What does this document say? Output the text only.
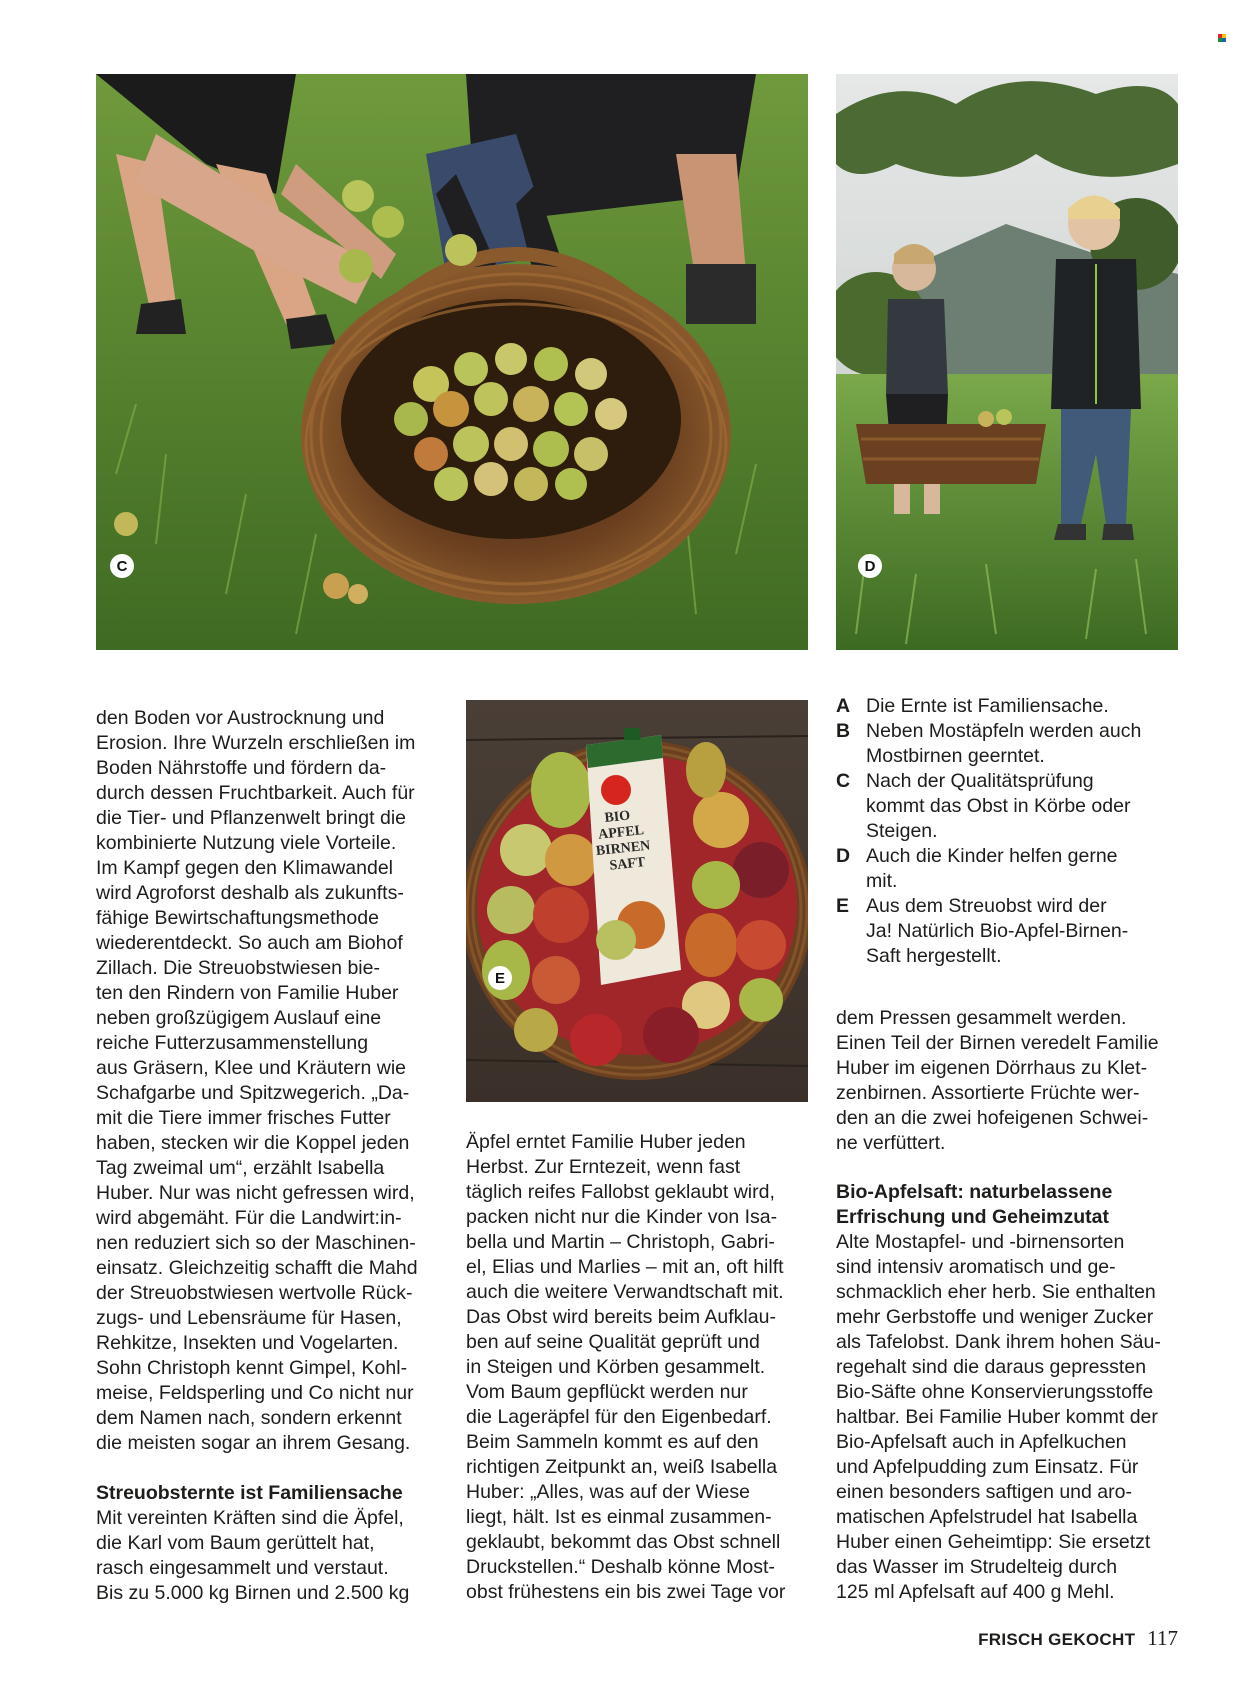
C	D
BIOAPFELBIRNENSAFT
E

den Boden vor Austrocknung und
Erosion. Ihre Wurzeln erschließen im
Boden Nährstoffe und fördern da-
durch dessen Fruchtbarkeit. Auch für
die Tier- und Pflanzenwelt bringt die
kombinierte Nutzung viele Vorteile.
Im Kampf gegen den Klimawandel
wird Agroforst deshalb als zukunfts-
fähige Bewirtschaftungsmethode
wiederentdeckt. So auch am Biohof
Zillach. Die Streuobstwiesen bie-
ten den Rindern von Familie Huber
neben großzügigem Auslauf eine
reiche Futterzusammenstellung
aus Gräsern, Klee und Kräutern wie
Schafgarbe und Spitzwegerich. „Da-
mit die Tiere immer frisches Futter
haben, stecken wir die Koppel jeden
Tag zweimal um“, erzählt Isabella
Huber. Nur was nicht gefressen wird,
wird abgemäht. Für die Landwirt:in-
nen reduziert sich so der Maschinen-
einsatz. Gleichzeitig schafft die Mahd
der Streuobstwiesen wertvolle Rück-
zugs- und Lebensräume für Hasen,
Rehkitze, Insekten und Vogelarten.
Sohn Christoph kennt Gimpel, Kohl-
meise, Feldsperling und Co nicht nur
dem Namen nach, sondern erkennt
die meisten sogar an ihrem Gesang.

Streuobsternte ist Familiensache

Mit vereinten Kräften sind die Äpfel,
die Karl vom Baum gerüttelt hat,
rasch eingesammelt und verstaut.
Bis zu 5.000 kg Birnen und 2.500 kg

Äpfel erntet Familie Huber jeden
Herbst. Zur Erntezeit, wenn fast
täglich reifes Fallobst geklaubt wird,
packen nicht nur die Kinder von Isa-
bella und Martin – Christoph, Gabri-
el, Elias und Marlies – mit an, oft hilft
auch die weitere Verwandtschaft mit.
Das Obst wird bereits beim Aufklau-
ben auf seine Qualität geprüft und
in Steigen und Körben gesammelt.
Vom Baum gepflückt werden nur
die Lageräpfel für den Eigenbedarf.
Beim Sammeln kommt es auf den
richtigen Zeitpunkt an, weiß Isabella
Huber: „Alles, was auf der Wiese
liegt, hält. Ist es einmal zusammen-
geklaubt, bekommt das Obst schnell
Druckstellen.“ Deshalb könne Most-
obst frühestens ein bis zwei Tage vor

A Die Ernte ist Familiensache.
B Neben Mostäpfeln werden auch
Mostbirnen geerntet.
C Nach der Qualitätsprüfung
kommt das Obst in Körbe oder
Steigen.
D Auch die Kinder helfen gerne
mit.
E Aus dem Streuobst wird der
Ja! Natürlich Bio-Apfel-Birnen-
Saft hergestellt.

dem Pressen gesammelt werden.
Einen Teil der Birnen veredelt Familie
Huber im eigenen Dörrhaus zu Klet-
zenbirnen. Assortierte Früchte wer-
den an die zwei hofeigenen Schwei-
ne verfüttert.

Bio-Apfelsaft: naturbelassene
Erfrischung und Geheimzutat

Alte Mostapfel- und -birnensorten
sind intensiv aromatisch und ge-
schmacklich eher herb. Sie enthalten
mehr Gerbstoffe und weniger Zucker
als Tafelobst. Dank ihrem hohen Säu-
regehalt sind die daraus gepressten
Bio-Säfte ohne Konservierungsstoffe
haltbar. Bei Familie Huber kommt der
Bio-Apfelsaft auch in Apfelkuchen
und Apfelpudding zum Einsatz. Für
einen besonders saftigen und aro-
matischen Apfelstrudel hat Isabella
Huber einen Geheimtipp: Sie ersetzt
das Wasser im Strudelteig durch
125 ml Apfelsaft auf 400 g Mehl.

FRISCH GEKOCHT 117
